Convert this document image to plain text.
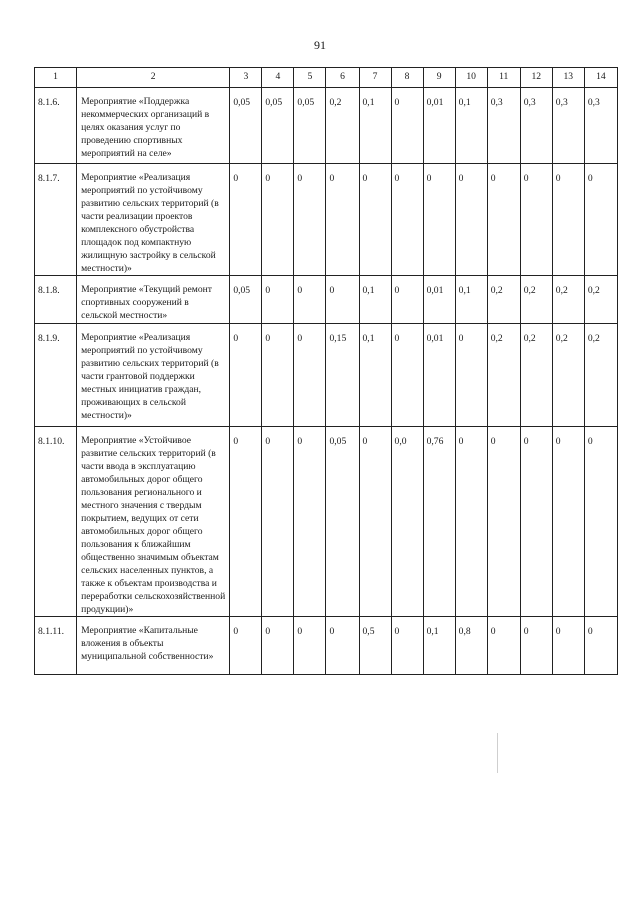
91
1	2	3	4	5	6	7	8	9	10	11	12	13	14
8.1.6.	Мероприятие «Поддержка некоммерческих организаций в целях оказания услуг по проведению спортивных мероприятий на селе»	0,05	0,05	0,05	0,2	0,1	0	0,01	0,1	0,3	0,3	0,3	0,3
8.1.7.	Мероприятие «Реализация мероприятий по устойчивому развитию сельских территорий (в части реализации проектов комплексного обустройства площадок под компактную жилищную застройку в сельской местности)»	0	0	0	0	0	0	0	0	0	0	0	0
8.1.8.	Мероприятие «Текущий ремонт спортивных сооружений в сельской местности»	0,05	0	0	0	0,1	0	0,01	0,1	0,2	0,2	0,2	0,2
8.1.9.	Мероприятие «Реализация мероприятий по устойчивому развитию сельских территорий (в части грантовой поддержки местных инициатив граждан, проживающих в сельской местности)»	0	0	0	0,15	0,1	0	0,01	0	0,2	0,2	0,2	0,2
8.1.10.	Мероприятие «Устойчивое развитие сельских территорий (в части ввода в эксплуатацию автомобильных дорог общего пользования регионального и местного значения с твердым покрытием, ведущих от сети автомобильных дорог общего пользования к ближайшим общественно значимым объектам сельских населенных пунктов, а также к объектам производства и переработки сельскохозяйственной продукции)»	0	0	0	0,05	0	0,0	0,76	0	0	0	0	0
8.1.11.	Мероприятие «Капитальные вложения в объекты муниципальной собственности»	0	0	0	0	0,5	0	0,1	0,8	0	0	0	0
